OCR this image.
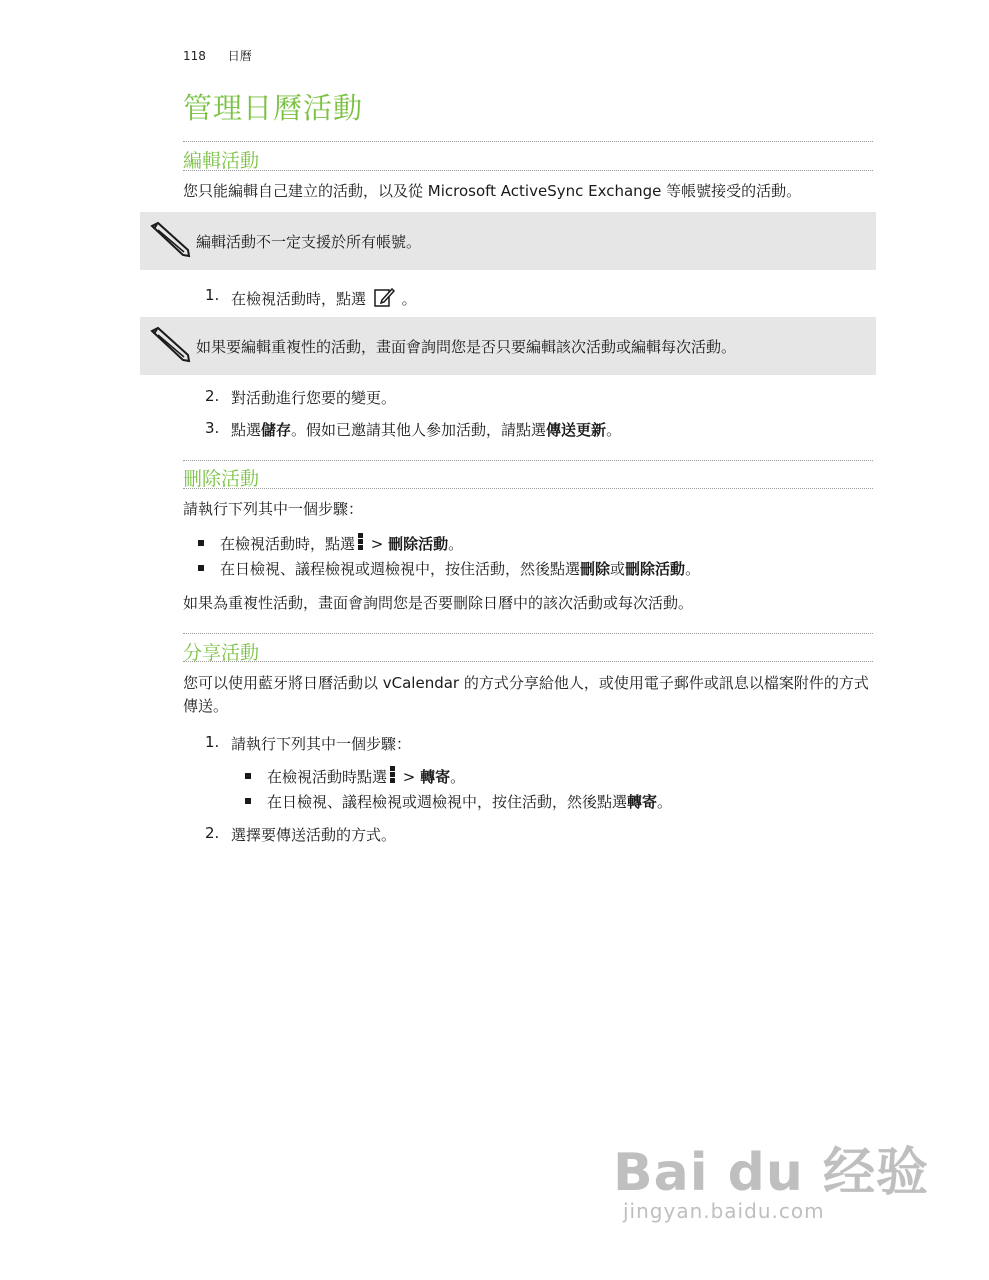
118 日曆
管理日曆活動
編輯活動
您只能編輯自己建立的活動，以及從 Microsoft ActiveSync Exchange 等帳號接受的活動。
編輯活動不一定支援於所有帳號。
1. 在檢視活動時，點選 。
如果要編輯重複性的活動，畫面會詢問您是否只要編輯該次活動或編輯每次活動。
2. 對活動進行您要的變更。
3. 點選儲存。假如已邀請其他人參加活動，請點選傳送更新。
刪除活動
請執行下列其中一個步驟：
在檢視活動時，點選
> 刪除活動。
在日檢視、議程檢視或週檢視中，按住活動，然後點選刪除或刪除活動。
如果為重複性活動，畫面會詢問您是否要刪除日曆中的該次活動或每次活動。
分享活動
您可以使用藍牙將日曆活動以 vCalendar 的方式分享給他人，或使用電子郵件或訊息以檔案附件的方式傳送。
1. 請執行下列其中一個步驟：
在檢視活動時點選
> 轉寄。
在日檢視、議程檢視或週檢視中，按住活動，然後點選轉寄。
2. 選擇要傳送活動的方式。
Bai du 经验
jingyan.baidu.com
